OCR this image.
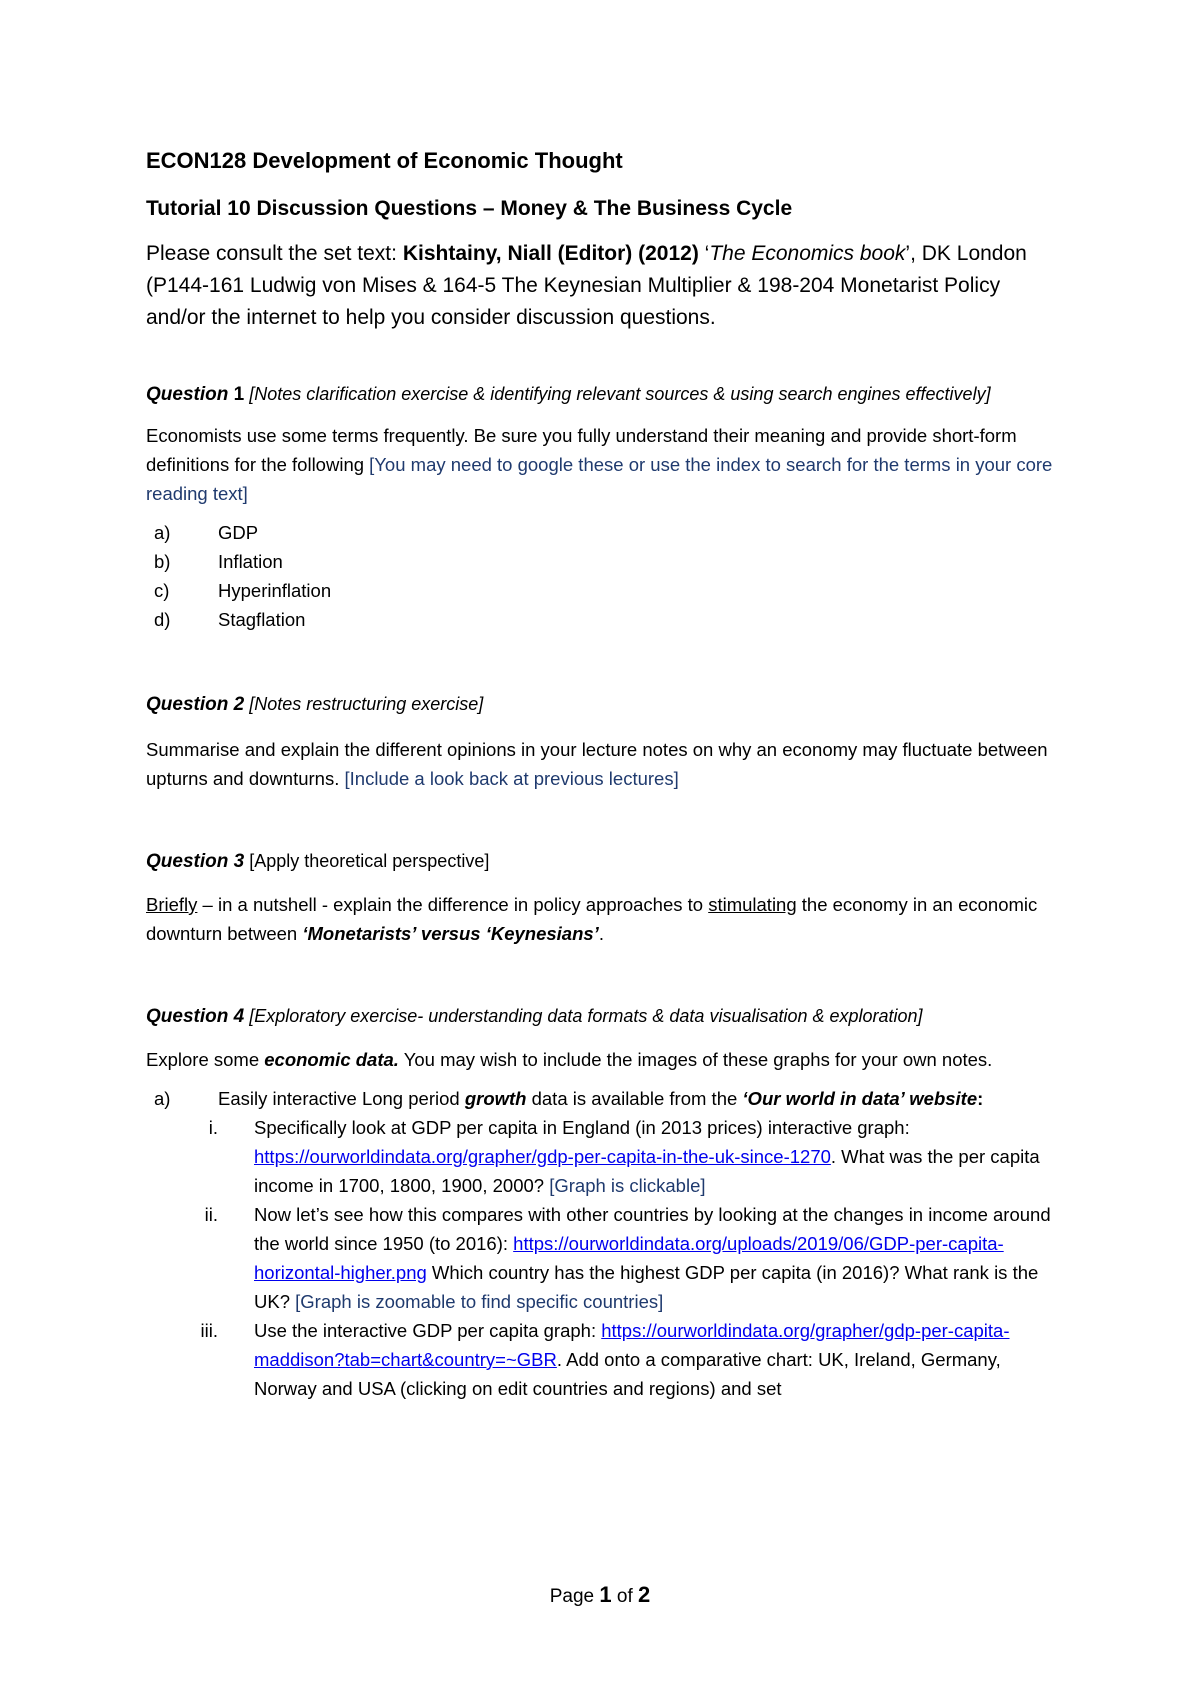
ECON128 Development of Economic Thought
Tutorial 10 Discussion Questions – Money & The Business Cycle

Please consult the set text: Kishtainy, Niall (Editor) (2012) ‘The Economics book’, DK London
(P144-161 Ludwig von Mises & 164-5 The Keynesian Multiplier & 198-204 Monetarist Policy
and/or the internet to help you consider discussion questions.

Question 1 [Notes clarification exercise & identifying relevant sources & using search engines effectively]

Economists use some terms frequently. Be sure you fully understand their meaning and provide short-form definitions for the following [You may need to google these or use the index to search for the terms in your core reading text]

a)	GDP
b)	Inflation
c)	Hyperinflation
d)	Stagflation

Question 2 [Notes restructuring exercise]

Summarise and explain the different opinions in your lecture notes on why an economy may fluctuate between upturns and downturns. [Include a look back at previous lectures]

Question 3 [Apply theoretical perspective]

Briefly – in a nutshell - explain the difference in policy approaches to stimulating the economy in an economic downturn between ‘Monetarists’ versus ‘Keynesians’.

Question 4 [Exploratory exercise- understanding data formats & data visualisation & exploration]

Explore some economic data. You may wish to include the images of these graphs for your own notes.

a)	Easily interactive Long period growth data is available from the ‘Our world in data’ website:
i.	Specifically look at GDP per capita in England (in 2013 prices) interactive graph: https://ourworldindata.org/grapher/gdp-per-capita-in-the-uk-since-1270. What was the per capita income in 1700, 1800, 1900, 2000? [Graph is clickable]
ii.	Now let’s see how this compares with other countries by looking at the changes in income around the world since 1950 (to 2016): https://ourworldindata.org/uploads/2019/06/GDP-per-capita-horizontal-higher.png Which country has the highest GDP per capita (in 2016)? What rank is the UK? [Graph is zoomable to find specific countries]
iii.	Use the interactive GDP per capita graph: https://ourworldindata.org/grapher/gdp-per-capita-maddison?tab=chart&country=~GBR. Add onto a comparative chart: UK, Ireland, Germany, Norway and USA (clicking on edit countries and regions) and set
Page 1 of 2
